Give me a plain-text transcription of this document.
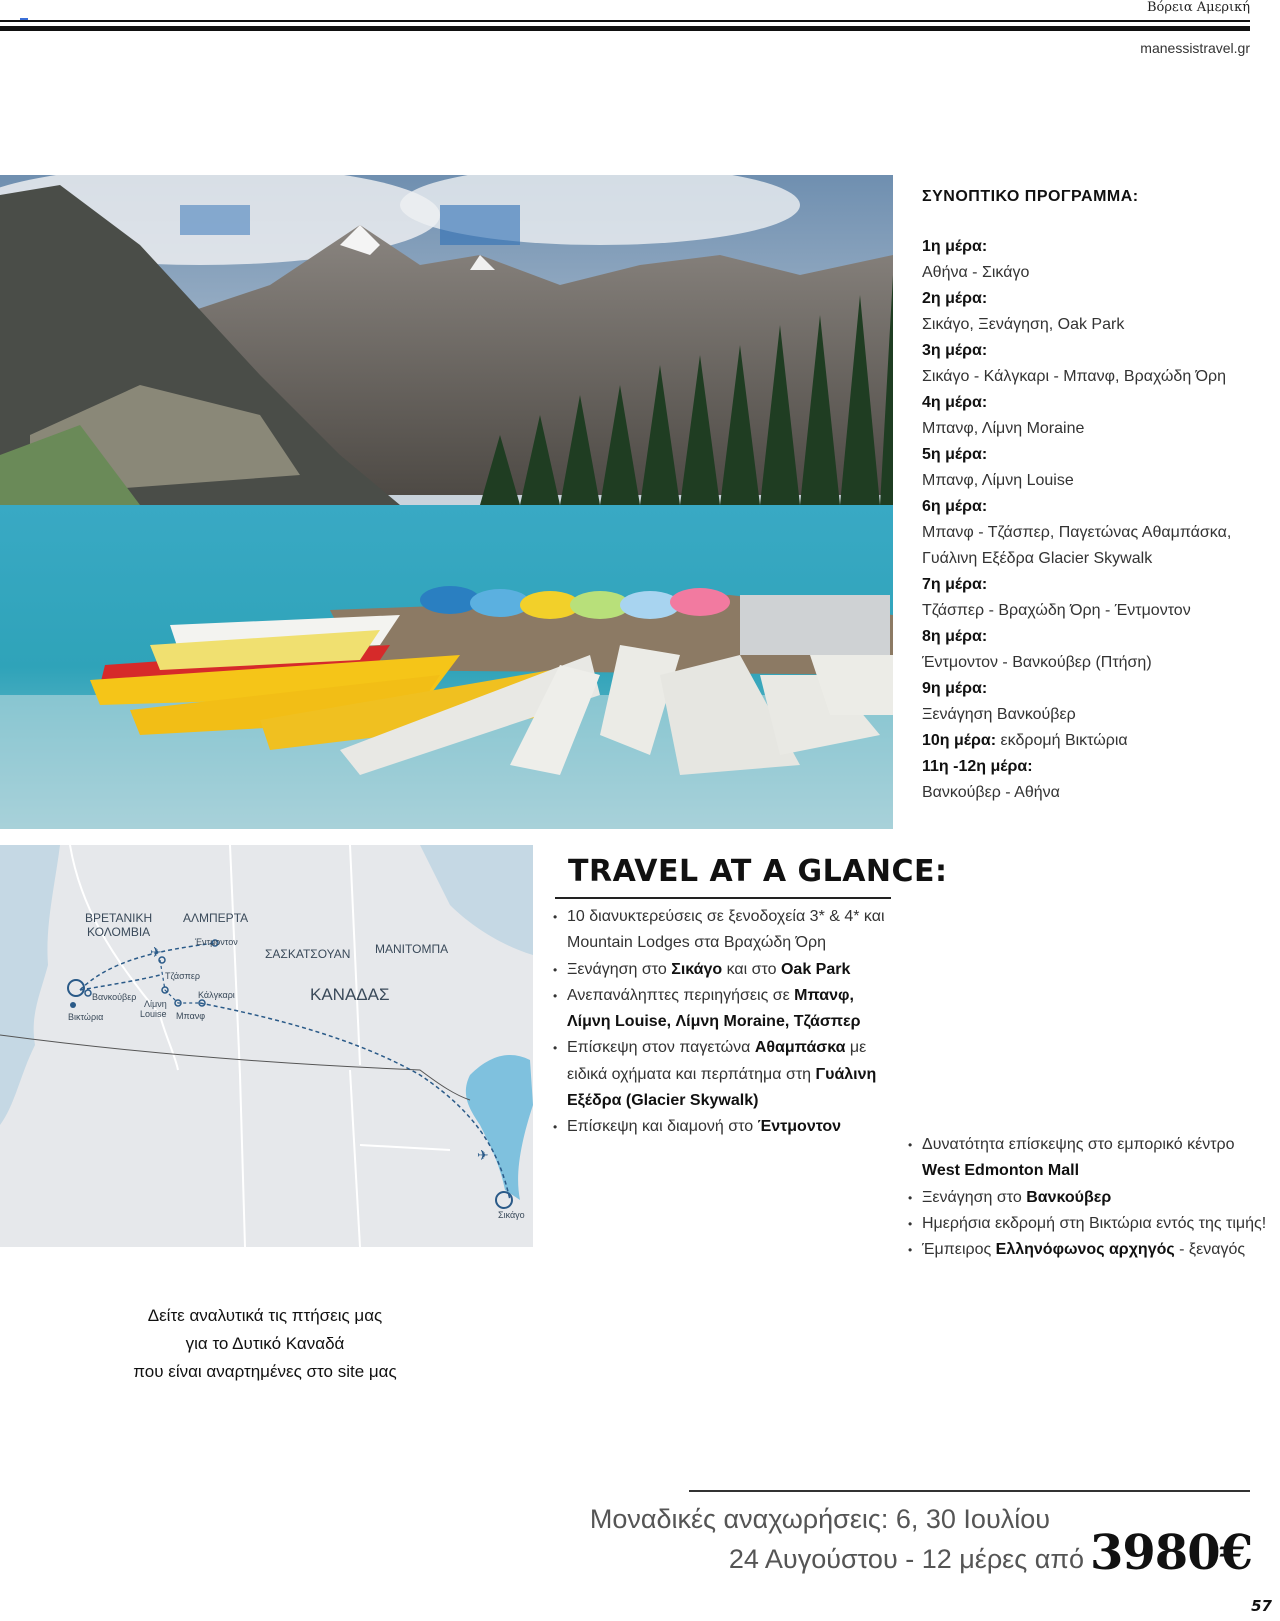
Βόρεια Αμερική
manessistravel.gr
ΣΥΝΟΠΤΙΚΟ ΠΡΟΓΡΑΜΜΑ:
1η μέρα:
Αθήνα - Σικάγο
2η μέρα:
Σικάγο, Ξενάγηση, Oak Park
3η μέρα:
Σικάγο - Κάλγκαρι - Μπανφ, Βραχώδη Όρη
4η μέρα:
Μπανφ, Λίμνη Moraine
5η μέρα:
Μπανφ, Λίμνη Louise
6η μέρα:
Μπανφ - Τζάσπερ, Παγετώνας Αθαμπάσκα, Γυάλινη Εξέδρα Glacier Skywalk
7η μέρα:
Τζάσπερ - Βραχώδη Όρη - Έντμοντον
8η μέρα:
Έντμοντον - Βανκούβερ (Πτήση)
9η μέρα:
Ξενάγηση Βανκούβερ
10η μέρα: εκδρομή Βικτώρια
11η -12η μέρα:
Βανκούβερ - Αθήνα
✈
✈
ΒΡΕΤΑΝΙΚΗ
ΚΟΛΟΜΒΙΑ
ΑΛΜΠΕΡΤΑ
ΣΑΣΚΑΤΣΟΥΑΝ ΜΑΝΙΤΟΜΠΑ
ΚΑΝΑΔΑΣ
Έντμοντον
Τζάσπερ
Βανκούβερ
Βικτώρια
Λίμνη
Louise Μπανφ
Κάλγκαρι
Σικάγο
TRAVEL AT A GLANCE:
• 10 διανυκτερεύσεις σε ξενοδοχεία 3* & 4* και Mountain Lodges στα Βραχώδη Όρη
• Ξενάγηση στο Σικάγο και στο Oak Park
• Ανεπανάληπτες περιηγήσεις σε Μπανφ, Λίμνη Louise, Λίμνη Moraine, Τζάσπερ
• Επίσκεψη στον παγετώνα Αθαμπάσκα με ειδικά οχήματα και περπάτημα στη Γυάλινη Εξέδρα (Glacier Skywalk)
• Επίσκεψη και διαμονή στο Έντμοντον
• Δυνατότητα επίσκεψης στο εμπορικό κέντρο West Edmonton Mall
• Ξενάγηση στο Βανκούβερ
• Ημερήσια εκδρομή στη Βικτώρια εντός της τιμής!
• Έμπειρος Ελληνόφωνος αρχηγός - ξεναγός
Δείτε αναλυτικά τις πτήσεις μας
για το Δυτικό Καναδά
που είναι αναρτημένες στο site μας
Μοναδικές αναχωρήσεις: 6, 30 Ιουλίου
24 Αυγούστου - 12 μέρες από 3980€
57
